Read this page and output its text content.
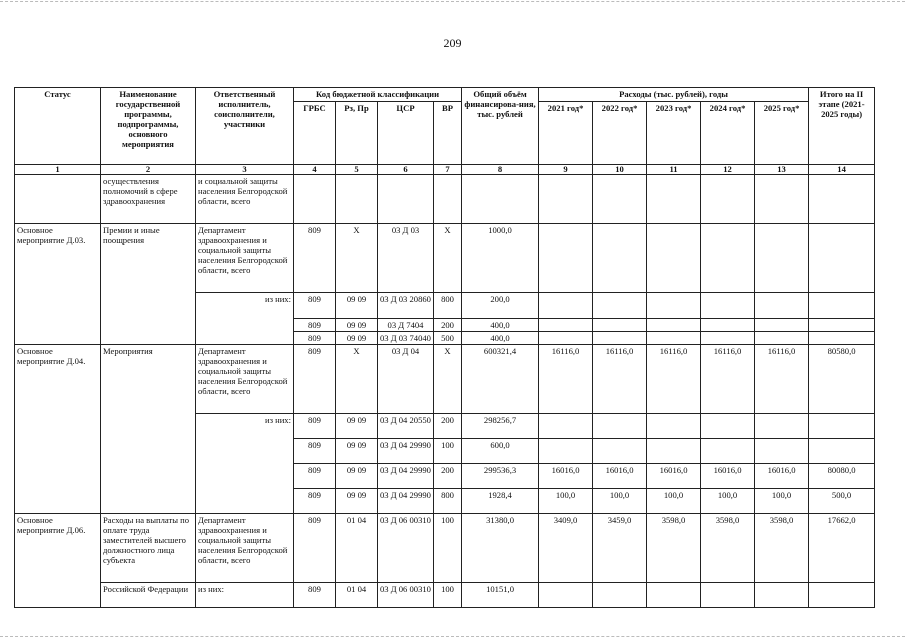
209
Статус	Наименование государственной программы, подпрограммы, основного мероприятия	Ответственный исполнитель, соисполнители, участники	Код бюджетной классификации				Общий объём финансирова-ния, тыс. рублей	Расходы (тыс. рублей), годы					Итого на II этапе (2021-2025 годы)
			ГРБС	Рз, Пр	ЦСР	ВР		2021 год*	2022 год*	2023 год*	2024 год*	2025 год*	
1	2	3	4	5	6	7	8	9	10	11	12	13	14
	осуществления полномочий в сфере здравоохранения	и социальной защиты населения Белгородской области, всего											
Основное мероприятие Д.03.	Премии и иные поощрения	Департамент здравоохранения и социальной защиты населения Белгородской области, всего	809	Х	03 Д 03	Х	1000,0						
		из них:	809	09 09	03 Д 03 20860	800	200,0						
			809	09 09	03 Д 7404	200	400,0						
			809	09 09	03 Д 03 74040	500	400,0						
Основное мероприятие Д.04.	Мероприятия	Департамент здравоохранения и социальной защиты населения Белгородской области, всего	809	Х	03 Д 04	Х	600321,4	16116,0	16116,0	16116,0	16116,0	16116,0	80580,0
		из них:	809	09 09	03 Д 04 20550	200	298256,7						
			809	09 09	03 Д 04 29990	100	600,0						
			809	09 09	03 Д 04 29990	200	299536,3	16016,0	16016,0	16016,0	16016,0	16016,0	80080,0
			809	09 09	03 Д 04 29990	800	1928,4	100,0	100,0	100,0	100,0	100,0	500,0
Основное мероприятие Д.06.	Расходы на выплаты по оплате труда заместителей высшего должностного лица субъекта	Департамент здравоохранения и социальной защиты населения Белгородской области, всего	809	01 04	03 Д 06 00310	100	31380,0	3409,0	3459,0	3598,0	3598,0	3598,0	17662,0
	Российской Федерации	из них:	809	01 04	03 Д 06 00310	100	10151,0						
